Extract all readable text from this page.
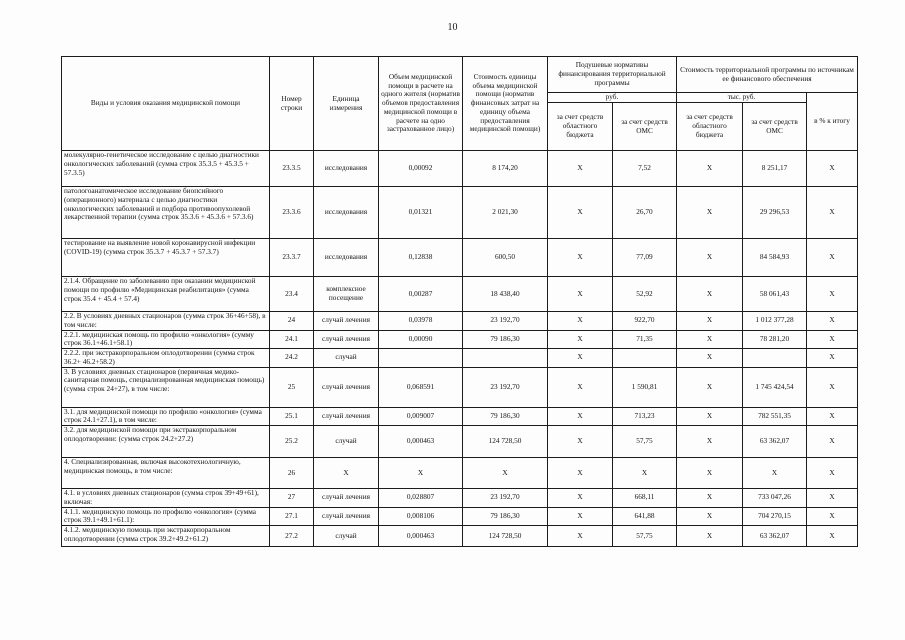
10
Виды и условия оказания медицинской помощи	Номер строки	Единица измерения	Объем медицинской помощи в расчете на одного жителя (норматив объемов предоставления медицинской помощи в расчете на одно застрахованное лицо)	Стоимость единицы объема медицинской помощи (норматив финансовых затрат на единицу объема предоставления медицинской помощи)	Подушевые нормативы финансирования территориальной программы		Стоимость территориальной программы по источникам ее финансового обеспечения		
					руб.		тыс. руб.		в % к итогу
					за счет средств областного бюджета	за счет средств ОМС	за счет средств областного бюджета	за счет средств ОМС	
молекулярно-генетическое исследование с целью диагностики онкологических заболеваний (сумма строк 35.3.5 + 45.3.5 + 57.3.5)	23.3.5	исследования	0,00092	8 174,20	X	7,52	X	8 251,17	X
патологоанатомическое исследование биопсийного (операционного) материала с целью диагностики онкологических заболеваний и подбора противоопухолевой лекарственной терапии (сумма строк 35.3.6 + 45.3.6 + 57.3.6)	23.3.6	исследования	0,01321	2 021,30	X	26,70	X	29 296,53	X
тестирование на выявление новой коронавирусной инфекции (COVID-19) (сумма строк 35.3.7 + 45.3.7 + 57.3.7)	23.3.7	исследования	0,12838	600,50	X	77,09	X	84 584,93	X
2.1.4. Обращение по заболеванию при оказании медицинской помощи по профилю «Медицинская реабилитация» (сумма строк 35.4 + 45.4 + 57.4)	23.4	комплексное посещение	0,00287	18 438,40	X	52,92	X	58 061,43	X
2.2. В условиях дневных стационаров (сумма строк 36+46+58), в том числе:	24	случай лечения	0,03978	23 192,70	X	922,70	X	1 012 377,28	X
2.2.1. медицинская помощь по профилю «онкология» (сумму строк 36.1+46.1+58.1)	24.1	случай лечения	0,00090	79 186,30	X	71,35	X	78 281,20	X
2.2.2. при экстракорпоральном оплодотворении (сумма строк 36.2+ 46.2+58.2)	24.2	случай			X		X		X
3. В условиях дневных стационаров (первичная медико-санитарная помощь, специализированная медицинская помощь) (сумма строк 24+27), в том числе:	25	случай лечения	0,068591	23 192,70	X	1 590,81	X	1 745 424,54	X
3.1. для медицинской помощи по профилю «онкология» (сумма строк 24.1+27.1), в том числе:	25.1	случай лечения	0,009007	79 186,30	X	713,23	X	782 551,35	X
3.2. для медицинской помощи при экстракорпоральном оплодотворении: (сумма строк 24.2+27.2)	25.2	случай	0,000463	124 728,50	X	57,75	X	63 362,07	X
4. Специализированная, включая высокотехнологичную, медицинская помощь, в том числе:	26	X	X	X	X	X	X	X	X
4.1. в условиях дневных стационаров (сумма строк 39+49+61), включая:	27	случай лечения	0,028807	23 192,70	X	668,11	X	733 047,26	X
4.1.1. медицинскую помощь по профилю «онкология» (сумма строк 39.1+49.1+61.1):	27.1	случай лечения	0,008106	79 186,30	X	641,88	X	704 270,15	X
4.1.2. медицинскую помощь при экстракорпоральном оплодотворении (сумма строк 39.2+49.2+61.2)	27.2	случай	0,000463	124 728,50	X	57,75	X	63 362,07	X
